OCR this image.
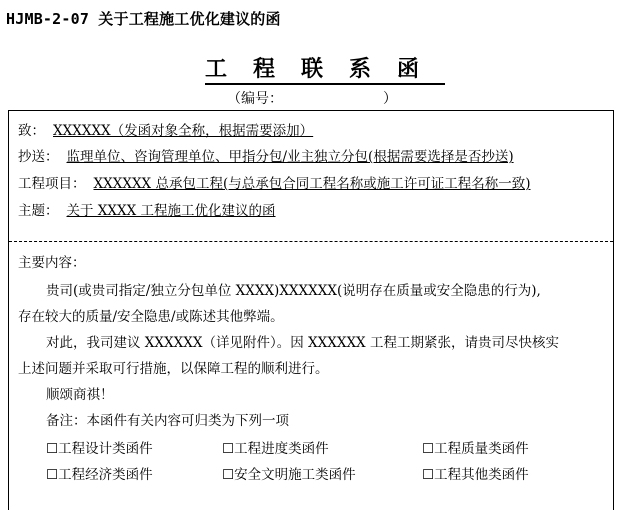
HJMB-2-07 关于工程施工优化建议的函
工程联系函
（编号：	）
致： XXXXXX（发函对象全称，根据需要添加）
抄送： 监理单位、咨询管理单位、甲指分包/业主独立分包(根据需要选择是否抄送)
工程项目： XXXXXX 总承包工程(与总承包合同工程名称或施工许可证工程名称一致)
主题： 关于 XXXX 工程施工优化建议的函
主要内容：
贵司(或贵司指定/独立分包单位 XXXX)XXXXXX(说明存在质量或安全隐患的行为),
存在较大的质量/安全隐患/或陈述其他弊端。
对此，我司建议 XXXXXX（详见附件）。因 XXXXXX 工程工期紧张，请贵司尽快核实
上述问题并采取可行措施，以保障工程的顺利进行。
顺颂商祺！
备注：本函件有关内容可归类为下列一项
☐工程设计类函件	☐工程进度类函件	☐工程质量类函件
☐工程经济类函件	☐安全文明施工类函件	☐工程其他类函件
